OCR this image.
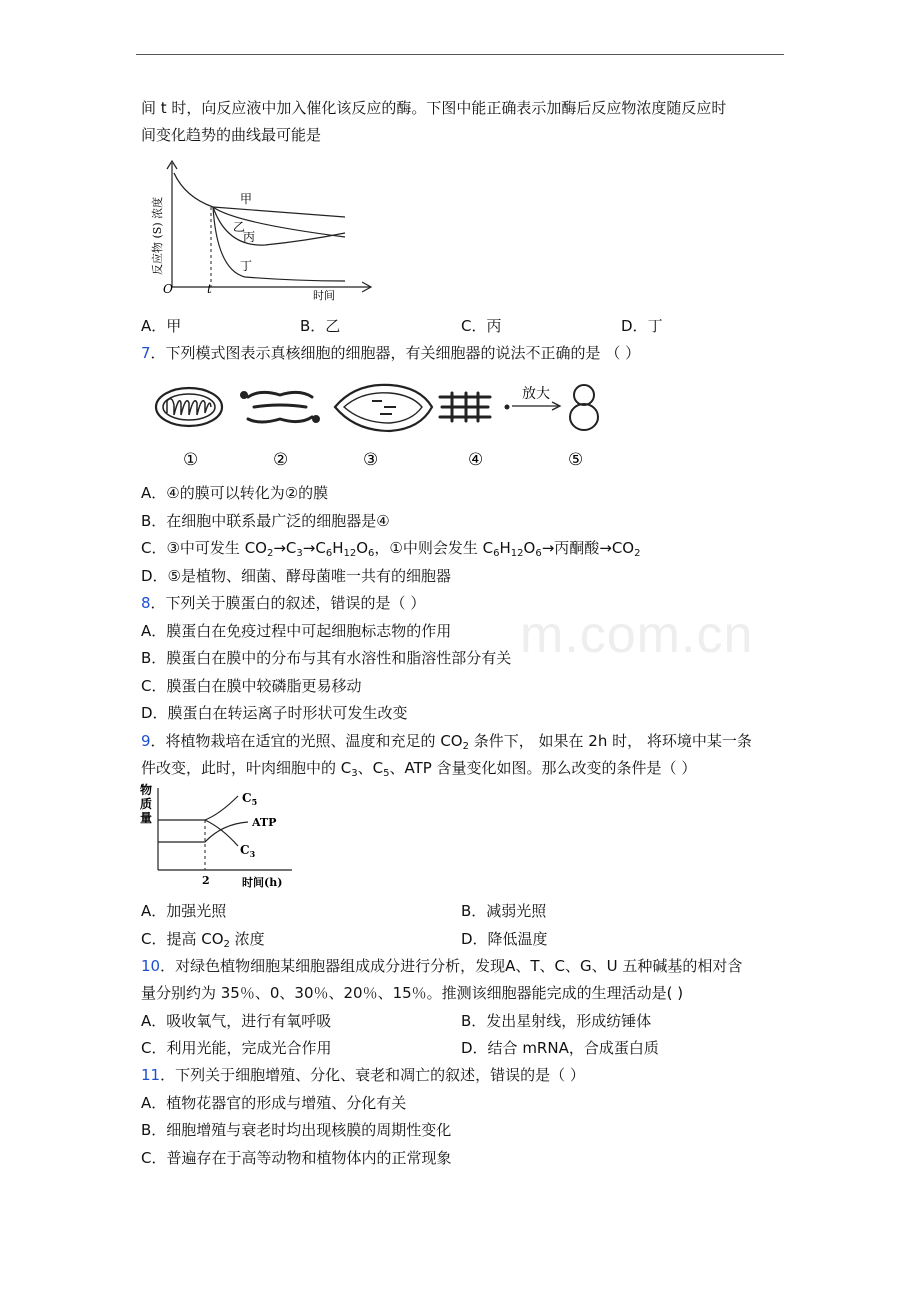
m.com.cn
间 t 时，向反应液中加入催化该反应的酶。下图中能正确表示加酶后反应物浓度随反应时
间变化趋势的曲线最可能是
甲
乙
丙
丁
O	t	时间
反应物 (S) 浓度
A．甲	B．乙	C．丙	D．丁
7．下列模式图表示真核细胞的细胞器，有关细胞器的说法不正确的是 （ ）
放大
①	②	③	④	⑤
A．④的膜可以转化为②的膜
B．在细胞中联系最广泛的细胞器是④
C．③中可发生 $CO_2\to C_3\to C_6H_{12}O_6$，①中则会发生 $C_6H_{12}O_6\to$丙酮酸$\to CO_2$
D．⑤是植物、细菌、酵母菌唯一共有的细胞器
8．下列关于膜蛋白的叙述，错误的是（ ）
A．膜蛋白在免疫过程中可起细胞标志物的作用
B．膜蛋白在膜中的分布与其有水溶性和脂溶性部分有关
C．膜蛋白在膜中较磷脂更易移动
D．膜蛋白在转运离子时形状可发生改变
9．将植物栽培在适宜的光照、温度和充足的 $CO_2$ 条件下， 如果在 2h 时， 将环境中某一条
件改变，此时，叶肉细胞中的 $C_3$、$C_5$、ATP 含量变化如图。那么改变的条件是（ ）
物
质
量
$C_5$
ATP
$C_3$
2	时间(h)
A．加强光照	B．减弱光照
C．提高 $CO_2$ 浓度	D．降低温度
10．对绿色植物细胞某细胞器组成成分进行分析，发现A、T、C、G、U 五种碱基的相对含
量分别约为 35％、0、30％、20％、15％。推测该细胞器能完成的生理活动是( )
A．吸收氧气，进行有氧呼吸	B．发出星射线，形成纺锤体
C．利用光能，完成光合作用	D．结合 mRNA，合成蛋白质
11．下列关于细胞增殖、分化、衰老和凋亡的叙述，错误的是（ ）
A．植物花器官的形成与增殖、分化有关
B．细胞增殖与衰老时均出现核膜的周期性变化
C．普遍存在于高等动物和植物体内的正常现象
